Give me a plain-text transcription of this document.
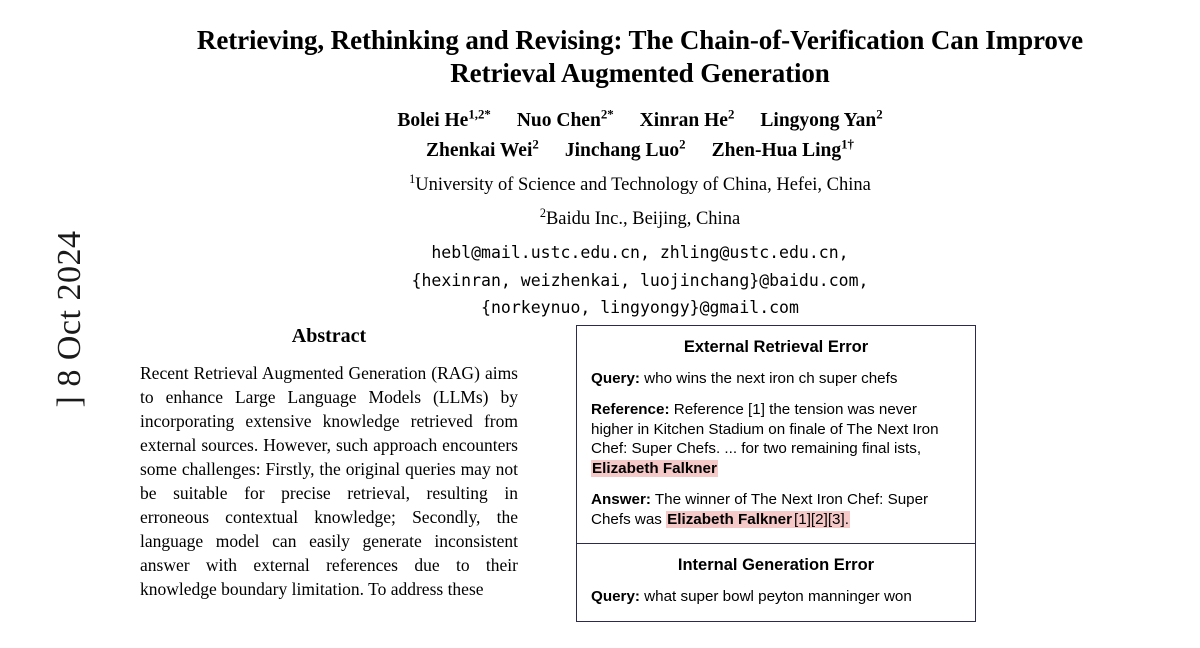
] 8 Oct 2024
Retrieving, Rethinking and Revising: The Chain-of-Verification Can Improve Retrieval Augmented Generation
Bolei $He^{1,2*}$ Nuo Chen$^{2*}$ Xinran He$^2$ Lingyong Yan$^2$
Zhenkai Wei$^2$ Jinchang Luo$^2$ Zhen-Hua Ling$^{1\dagger}$
$^1$University of Science and Technology of China, Hefei, China
$^2$Baidu Inc., Beijing, China
hebl@mail.ustc.edu.cn, zhling@ustc.edu.cn,
{hexinran, weizhenkai, luojinchang}@baidu.com,
{norkeynuo, lingyongy}@gmail.com
Abstract
Recent Retrieval Augmented Generation (RAG) aims to enhance Large Language Models (LLMs) by incorporating extensive knowledge retrieved from external sources. However, such approach encounters some challenges: Firstly, the original queries may not be suitable for precise retrieval, resulting in erroneous contextual knowledge; Secondly, the language model can easily generate inconsistent answer with external references due to their knowledge boundary limitation. To address these
External Retrieval Error
Query: who wins the next iron ch super chefs
Reference: Reference [1] the tension was never higher in Kitchen Stadium on finale of The Next Iron Chef: Super Chefs. ... for two remaining final ists, Elizabeth Falkner
Answer: The winner of The Next Iron Chef: Super Chefs was Elizabeth Falkner [1][2][3].
Internal Generation Error
Query: what super bowl peyton manninger won
